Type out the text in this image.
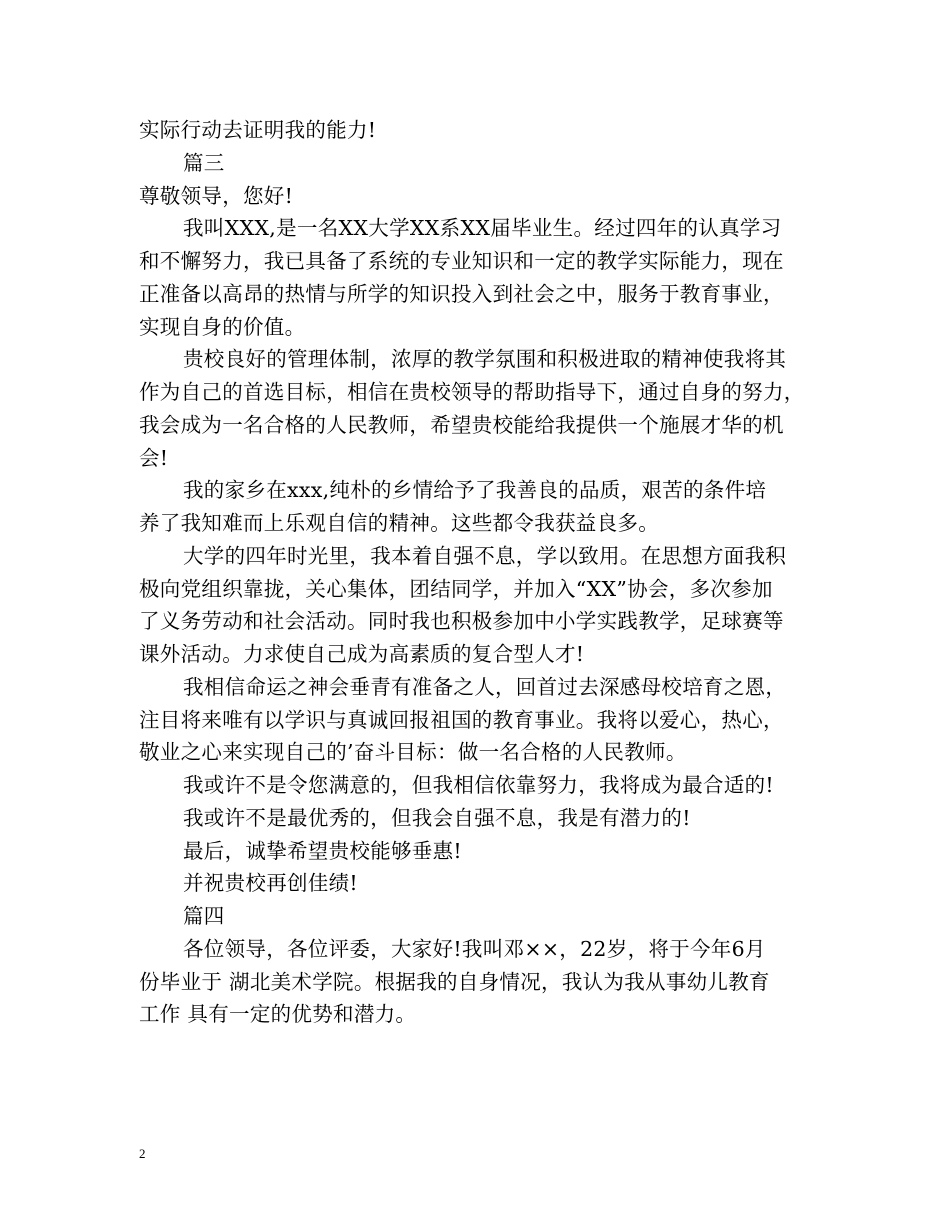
实际行动去证明我的能力!
篇三
尊敬领导，您好!
我叫XXX,是一名XX大学XX系XX届毕业生。经过四年的认真学习
和不懈努力，我已具备了系统的专业知识和一定的教学实际能力，现在
正准备以高昂的热情与所学的知识投入到社会之中，服务于教育事业，
实现自身的价值。
贵校良好的管理体制，浓厚的教学氛围和积极进取的精神使我将其
作为自己的首选目标，相信在贵校领导的帮助指导下，通过自身的努力，
我会成为一名合格的人民教师，希望贵校能给我提供一个施展才华的机
会!
我的家乡在xxx,纯朴的乡情给予了我善良的品质，艰苦的条件培
养了我知难而上乐观自信的精神。这些都令我获益良多。
大学的四年时光里，我本着自强不息，学以致用。在思想方面我积
极向党组织靠拢，关心集体，团结同学，并加入“XX”协会，多次参加
了义务劳动和社会活动。同时我也积极参加中小学实践教学，足球赛等
课外活动。力求使自己成为高素质的复合型人才!
我相信命运之神会垂青有准备之人，回首过去深感母校培育之恩，
注目将来唯有以学识与真诚回报祖国的教育事业。我将以爱心，热心，
敬业之心来实现自己的’奋斗目标：做一名合格的人民教师。
我或许不是令您满意的，但我相信依靠努力，我将成为最合适的!
我或许不是最优秀的，但我会自强不息，我是有潜力的!
最后，诚挚希望贵校能够垂惠!
并祝贵校再创佳绩!
篇四
各位领导，各位评委，大家好!我叫邓××，22岁，将于今年6月
份毕业于 湖北美术学院。根据我的自身情况，我认为我从事幼儿教育
工作 具有一定的优势和潜力。
2
